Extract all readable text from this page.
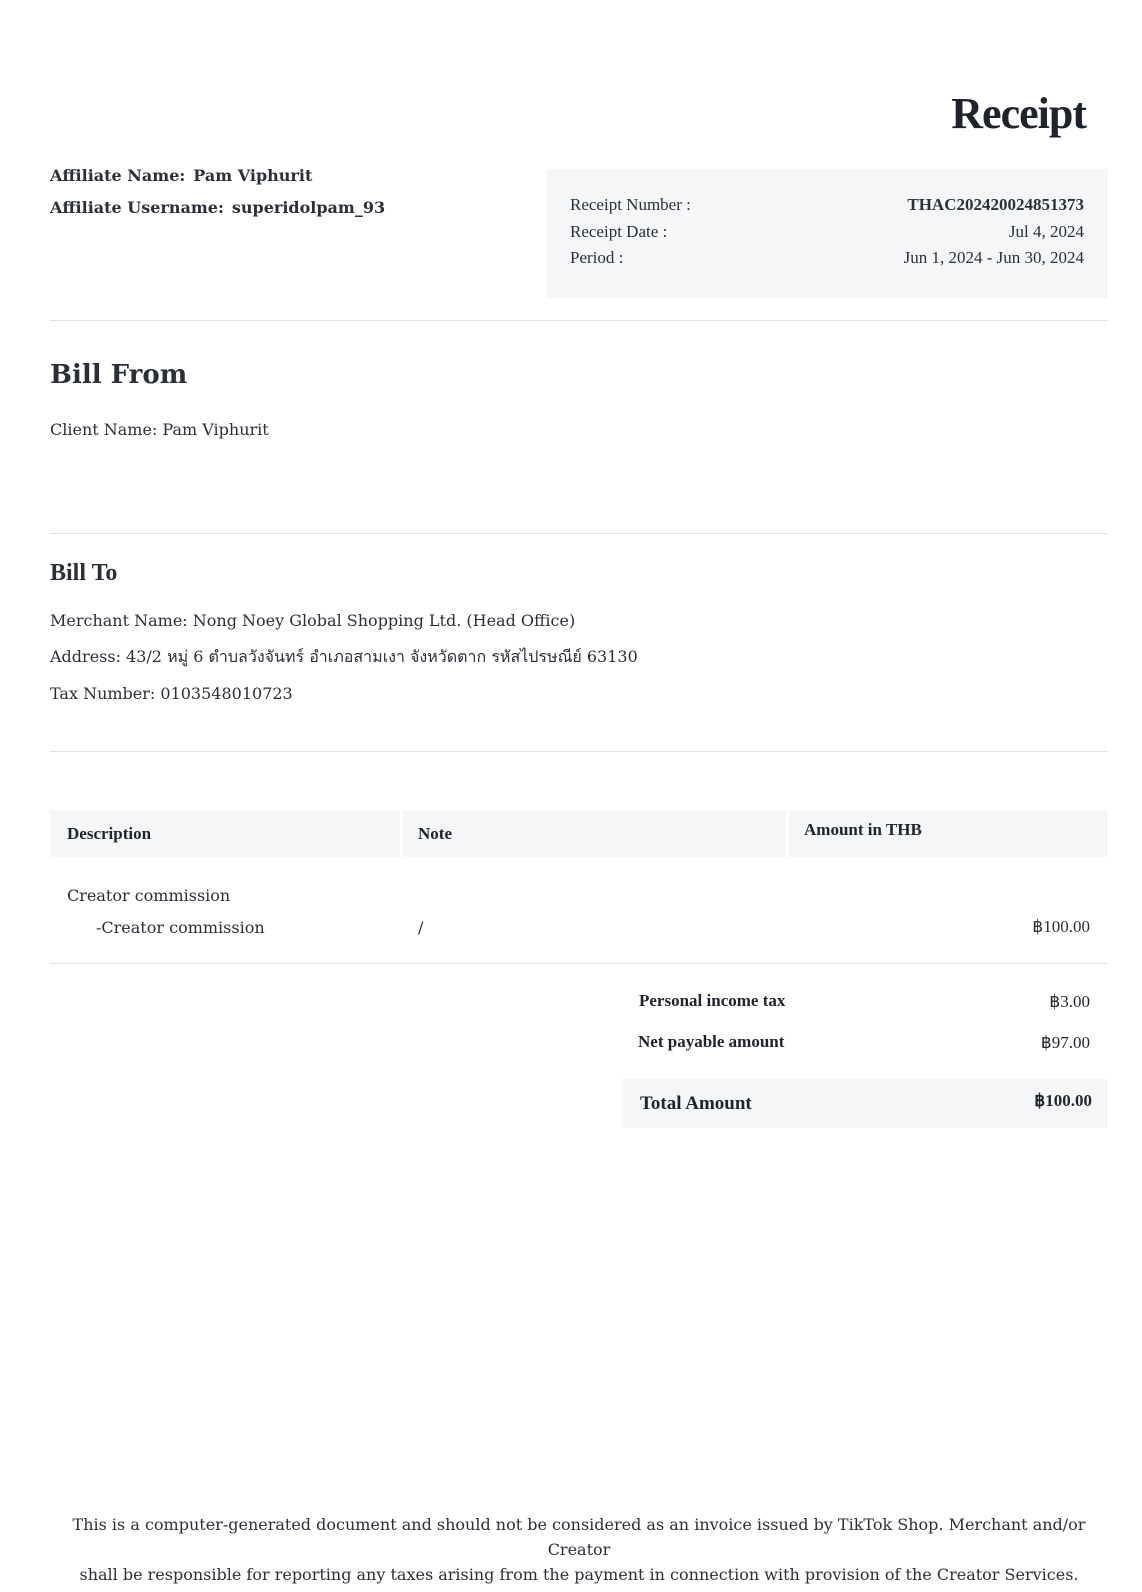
Receipt
Affiliate Name: Pam Viphurit
Affiliate Username: superidolpam_93	Receipt Number :	THAC202420024851373
Receipt Date :	Jul 4, 2024
Period :	Jun 1, 2024 - Jun 30, 2024
Bill From
Client Name: Pam Viphurit
Bill To
Merchant Name: Nong Noey Global Shopping Ltd. (Head Office)
Address: 43/2 หมู่ 6 ตำบลวังจันทร์ อำเภอสามเงา จังหวัดตาก รหัสไปรษณีย์ 63130
Tax Number: 0103548010723
Description	Note	Amount in THB
Creator commission
-Creator commission	/	฿100.00
Personal income tax	฿3.00
Net payable amount	฿97.00
Total Amount	฿100.00
This is a computer-generated document and should not be considered as an invoice issued by TikTok Shop. Merchant and/or Creator
shall be responsible for reporting any taxes arising from the payment in connection with provision of the Creator Services.
